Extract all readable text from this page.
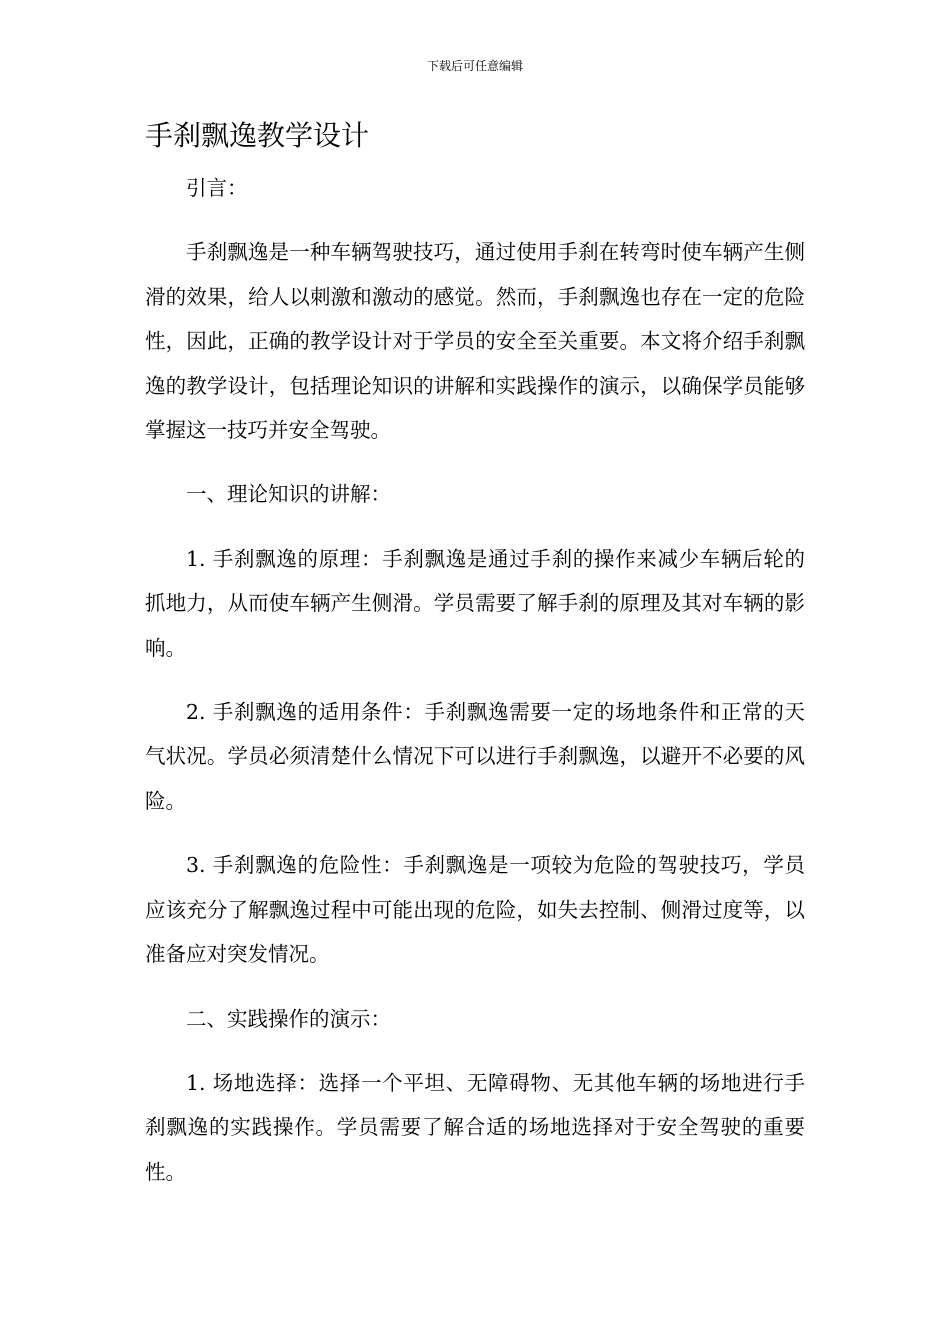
下载后可任意编辑
手刹飘逸教学设计

引言：

手刹飘逸是一种车辆驾驶技巧，通过使用手刹在转弯时使车辆产生侧滑的效果，给人以刺激和激动的感觉。然而，手刹飘逸也存在一定的危险性，因此，正确的教学设计对于学员的安全至关重要。本文将介绍手刹飘逸的教学设计，包括理论知识的讲解和实践操作的演示，以确保学员能够掌握这一技巧并安全驾驶。

一、理论知识的讲解：

1. 手刹飘逸的原理：手刹飘逸是通过手刹的操作来减少车辆后轮的抓地力，从而使车辆产生侧滑。学员需要了解手刹的原理及其对车辆的影响。

2. 手刹飘逸的适用条件：手刹飘逸需要一定的场地条件和正常的天气状况。学员必须清楚什么情况下可以进行手刹飘逸，以避开不必要的风险。

3. 手刹飘逸的危险性：手刹飘逸是一项较为危险的驾驶技巧，学员应该充分了解飘逸过程中可能出现的危险，如失去控制、侧滑过度等，以准备应对突发情况。

二、实践操作的演示：

1. 场地选择：选择一个平坦、无障碍物、无其他车辆的场地进行手刹飘逸的实践操作。学员需要了解合适的场地选择对于安全驾驶的重要性。
